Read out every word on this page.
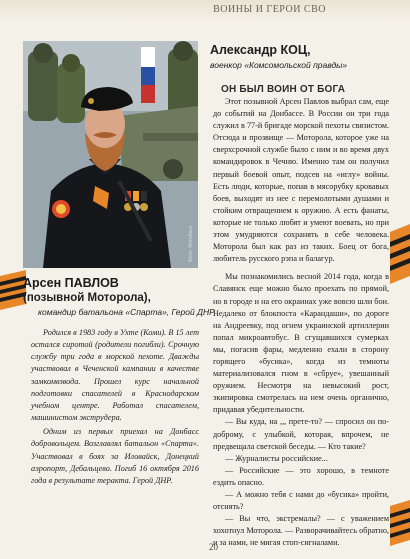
ВОИНЫ И ГЕРОИ СВО
Фото: Фотобанк
Арсен ПАВЛОВ
(позывной Моторола),
командир батальона «Спарта», Герой ДНР

Родился в 1983 году в Ухте (Коми). В 15 лет остался сиротой (родители погибли). Срочную службу три года в морской пехоте. Дважды участвовал в Чеченской кампании в качестве замкомвзвода. Прошел курс начальной подготовки спасателей в Краснодарском учебном центре. Работал спасателем, машинистом экструдера.

Одним из первых приехал на Донбасс добровольцем. Возглавлял батальон «Спарта». Участвовал в боях за Иловайск, Донецкий аэропорт, Дебальцево. Погиб 16 октября 2016 года в результате теракта. Герой ДНР.

Александр КОЦ,
военкор «Комсомольской правды»
ОН БЫЛ ВОИН ОТ БОГА

Этот позывной Арсен Павлов выбрал сам, еще до событий на Донбассе. В России он три года служил в 77-й бригаде морской пехоты связистом. Отсюда и прозвище — Моторола, которое уже на сверхсрочной службе было с ним и во время двух командировок в Чечню. Именно там он получил первый боевой опыт, подсев на «иглу» войны. Есть люди, которые, попав в мясорубку кровавых боев, выходят из нее с перемолотыми душами и стойким отвращением к оружию. А есть фанаты, которые не только любят и умеют воевать, но при этом умудряются сохранять в себе человека. Моторола был как раз из таких. Боец от бога, любитель русского рэпа и балагур.

Мы познакомились весной 2014 года, когда в Славянск еще можно было проехать по прямой, но в городе и на его окраинах уже вовсю шли бои. Недалеко от блокпоста «Карандаши», по дороге на Андреевку, под огнем украинской артиллерии попал микроавтобус. В сгущавшихся сумерках мы, погасив фары, медленно ехали в сторону горящего «бусика», когда из темноты материализовался гном в «сбруе», увешанный оружием. Несмотря на невысокий рост, экипировка смотрелась на нем очень органично, придавая убедительности.

— Вы куда, на ,,, прете-то? — спросил он по-доброму, с улыбкой, которая, впрочем, не предвещала светской беседы. — Кто такие?

— Журналисты российские...

— Российские — это хорошо, в темноте ездить опасно.

— А можно тебя с нами до «бусика» пройти, отснять?

— Вы что, экстремалы? — с уважением хохотнул Моторола. — Разворачивайтесь обратно, и за нами, не мигая стоп-сигналами.

20
